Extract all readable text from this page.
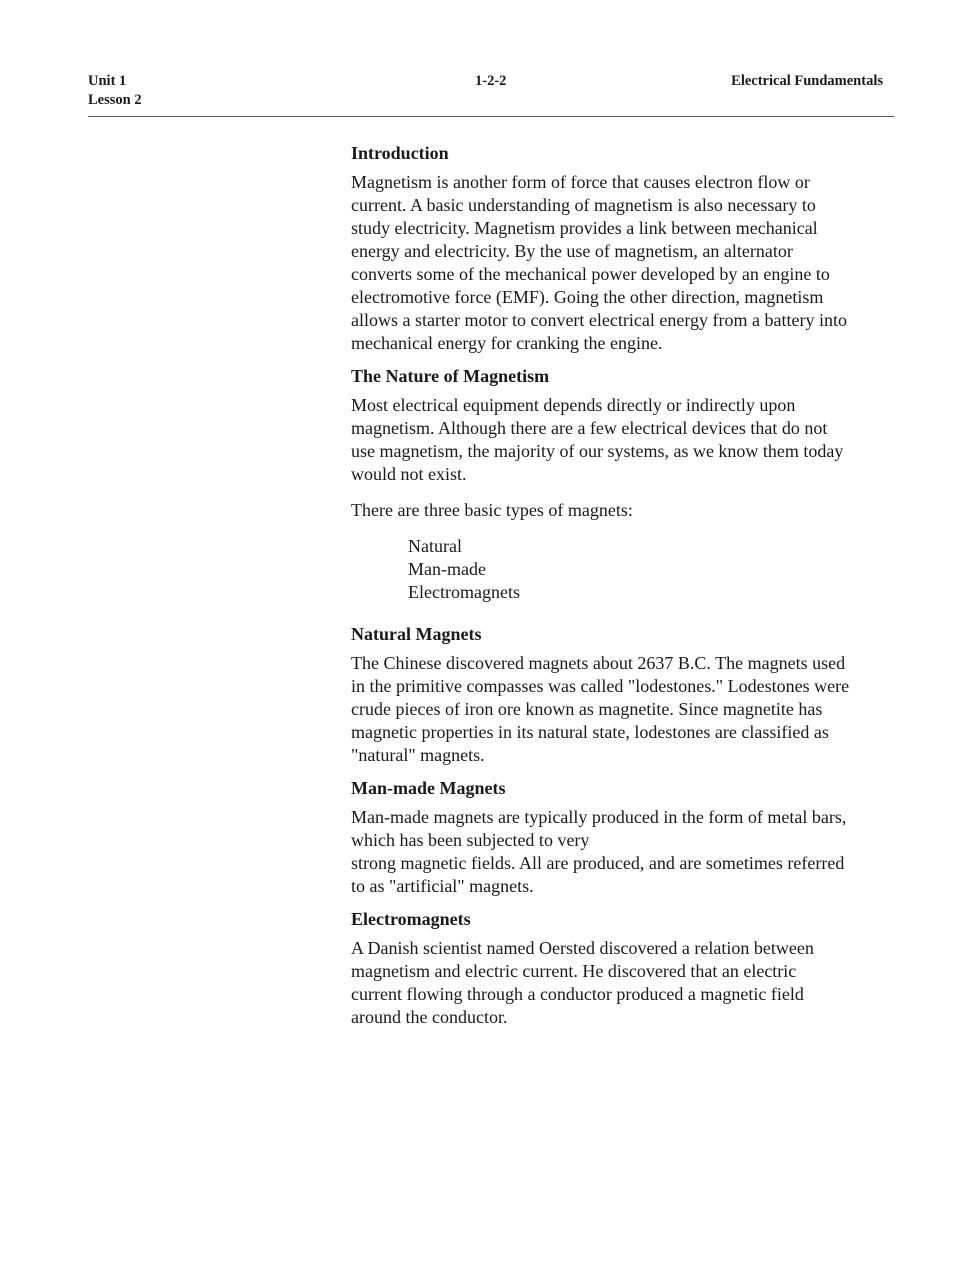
Unit 1
Lesson 2
1-2-2	Electrical Fundamentals
Introduction
Magnetism is another form of force that causes electron flow or
current. A basic understanding of magnetism is also necessary to
study electricity. Magnetism provides a link between mechanical
energy and electricity. By the use of magnetism, an alternator
converts some of the mechanical power developed by an engine to
electromotive force (EMF). Going the other direction, magnetism
allows a starter motor to convert electrical energy from a battery into
mechanical energy for cranking the engine.
The Nature of Magnetism
Most electrical equipment depends directly or indirectly upon
magnetism. Although there are a few electrical devices that do not
use magnetism, the majority of our systems, as we know them today
would not exist.
There are three basic types of magnets:
Natural
Man-made
Electromagnets
Natural Magnets
The Chinese discovered magnets about 2637 B.C. The magnets used
in the primitive compasses was called "lodestones." Lodestones were
crude pieces of iron ore known as magnetite. Since magnetite has
magnetic properties in its natural state, lodestones are classified as
"natural" magnets.
Man-made Magnets
Man-made magnets are typically produced in the form of metal bars,
which has been subjected to very
strong magnetic fields. All are produced, and are sometimes referred
to as "artificial" magnets.
Electromagnets
A Danish scientist named Oersted discovered a relation between
magnetism and electric current. He discovered that an electric
current flowing through a conductor produced a magnetic field
around the conductor.
